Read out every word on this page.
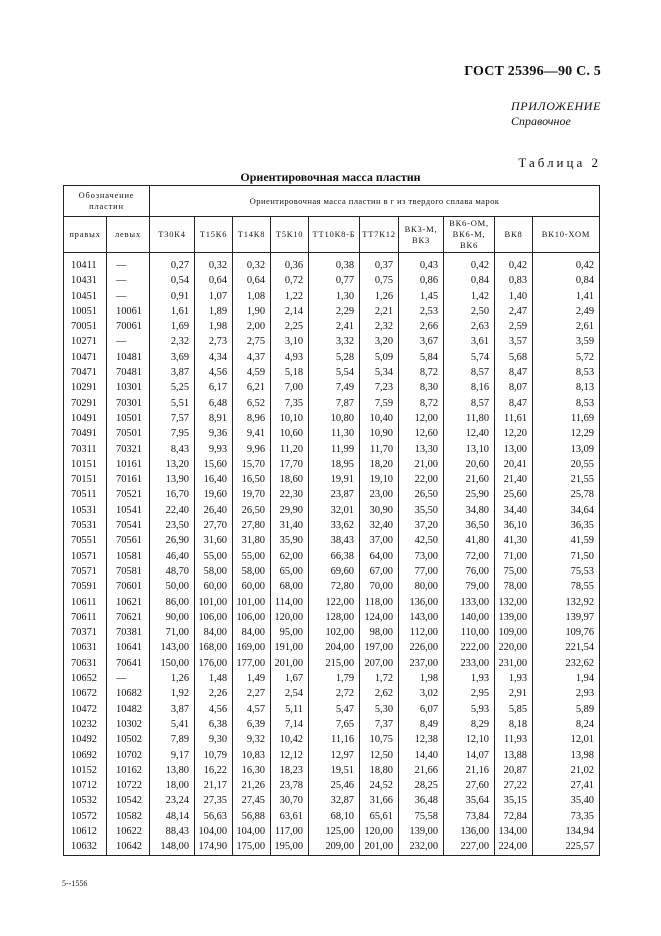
ГОСТ 25396—90 С. 5
ПРИЛОЖЕНИЕ
Справочное
Таблица 2
Ориентировочная масса пластин
Обозначение пластин		Ориентировочная масса пластин в г из твердого сплава марок									
правых	левых	Т30К4	Т15К6	Т14К8	Т5К10	ТТ10К8-Б	ТТ7К12	ВК3-М, ВК3	ВК6-ОМ, ВК6-М, ВК6	ВК8	ВК10-ХОМ
10411	—	0,27	0,32	0,32	0,36	0,38	0,37	0,43	0,42	0,42	0,42
10431	—	0,54	0,64	0,64	0,72	0,77	0,75	0,86	0,84	0,83	0,84
10451	—	0,91	1,07	1,08	1,22	1,30	1,26	1,45	1,42	1,40	1,41
10051	10061	1,61	1,89	1,90	2,14	2,29	2,21	2,53	2,50	2,47	2,49
70051	70061	1,69	1,98	2,00	2,25	2,41	2,32	2,66	2,63	2,59	2,61
10271	—	2,32	2,73	2,75	3,10	3,32	3,20	3,67	3,61	3,57	3,59
10471	10481	3,69	4,34	4,37	4,93	5,28	5,09	5,84	5,74	5,68	5,72
70471	70481	3,87	4,56	4,59	5,18	5,54	5,34	8,72	8,57	8,47	8,53
10291	10301	5,25	6,17	6,21	7,00	7,49	7,23	8,30	8,16	8,07	8,13
70291	70301	5,51	6,48	6,52	7,35	7,87	7,59	8,72	8,57	8,47	8,53
10491	10501	7,57	8,91	8,96	10,10	10,80	10,40	12,00	11,80	11,61	11,69
70491	70501	7,95	9,36	9,41	10,60	11,30	10,90	12,60	12,40	12,20	12,29
70311	70321	8,43	9,93	9,96	11,20	11,99	11,70	13,30	13,10	13,00	13,09
10151	10161	13,20	15,60	15,70	17,70	18,95	18,20	21,00	20,60	20,41	20,55
70151	70161	13,90	16,40	16,50	18,60	19,91	19,10	22,00	21,60	21,40	21,55
70511	70521	16,70	19,60	19,70	22,30	23,87	23,00	26,50	25,90	25,60	25,78
10531	10541	22,40	26,40	26,50	29,90	32,01	30,90	35,50	34,80	34,40	34,64
70531	70541	23,50	27,70	27,80	31,40	33,62	32,40	37,20	36,50	36,10	36,35
70551	70561	26,90	31,60	31,80	35,90	38,43	37,00	42,50	41,80	41,30	41,59
10571	10581	46,40	55,00	55,00	62,00	66,38	64,00	73,00	72,00	71,00	71,50
70571	70581	48,70	58,00	58,00	65,00	69,60	67,00	77,00	76,00	75,00	75,53
70591	70601	50,00	60,00	60,00	68,00	72,80	70,00	80,00	79,00	78,00	78,55
10611	10621	86,00	101,00	101,00	114,00	122,00	118,00	136,00	133,00	132,00	132,92
70611	70621	90,00	106,00	106,00	120,00	128,00	124,00	143,00	140,00	139,00	139,97
70371	70381	71,00	84,00	84,00	95,00	102,00	98,00	112,00	110,00	109,00	109,76
10631	10641	143,00	168,00	169,00	191,00	204,00	197,00	226,00	222,00	220,00	221,54
70631	70641	150,00	176,00	177,00	201,00	215,00	207,00	237,00	233,00	231,00	232,62
10652	—	1,26	1,48	1,49	1,67	1,79	1,72	1,98	1,93	1,93	1,94
10672	10682	1,92	2,26	2,27	2,54	2,72	2,62	3,02	2,95	2,91	2,93
10472	10482	3,87	4,56	4,57	5,11	5,47	5,30	6,07	5,93	5,85	5,89
10232	10302	5,41	6,38	6,39	7,14	7,65	7,37	8,49	8,29	8,18	8,24
10492	10502	7,89	9,30	9,32	10,42	11,16	10,75	12,38	12,10	11,93	12,01
10692	10702	9,17	10,79	10,83	12,12	12,97	12,50	14,40	14,07	13,88	13,98
10152	10162	13,80	16,22	16,30	18,23	19,51	18,80	21,66	21,16	20,87	21,02
10712	10722	18,00	21,17	21,26	23,78	25,46	24,52	28,25	27,60	27,22	27,41
10532	10542	23,24	27,35	27,45	30,70	32,87	31,66	36,48	35,64	35,15	35,40
10572	10582	48,14	56,63	56,88	63,61	68,10	65,61	75,58	73,84	72,84	73,35
10612	10622	88,43	104,00	104,00	117,00	125,00	120,00	139,00	136,00	134,00	134,94
10632	10642	148,00	174,90	175,00	195,00	209,00	201,00	232,00	227,00	224,00	225,57
5--1556
